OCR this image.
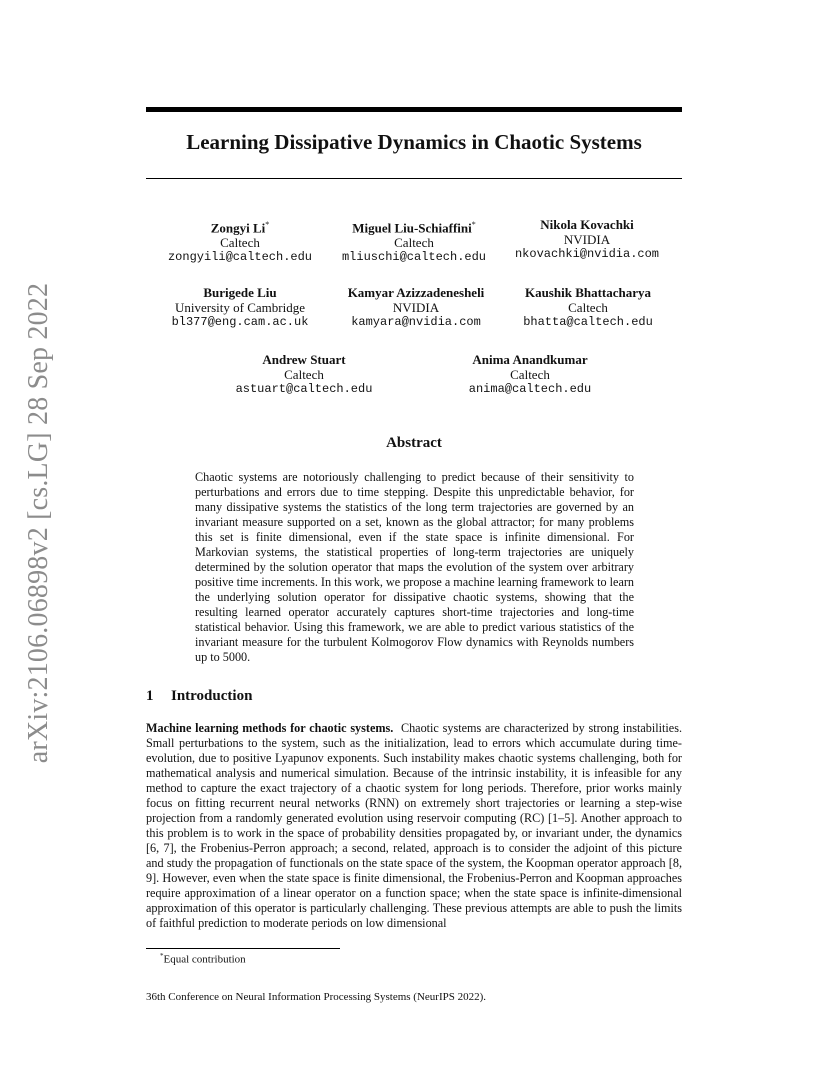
arXiv:2106.06898v2 [cs.LG] 28 Sep 2022
Learning Dissipative Dynamics in Chaotic Systems
Zongyi Li*
Caltech
zongyili@caltech.edu
Miguel Liu-Schiaffini*
Caltech
mliuschi@caltech.edu
Nikola Kovachki
NVIDIA
nkovachki@nvidia.com
Burigede Liu
University of Cambridge
bl377@eng.cam.ac.uk
Kamyar Azizzadenesheli
NVIDIA
kamyara@nvidia.com
Kaushik Bhattacharya
Caltech
bhatta@caltech.edu
Andrew Stuart
Caltech
astuart@caltech.edu
Anima Anandkumar
Caltech
anima@caltech.edu
Abstract
Chaotic systems are notoriously challenging to predict because of their sensitivity to perturbations and errors due to time stepping. Despite this unpredictable behavior, for many dissipative systems the statistics of the long term trajectories are governed by an invariant measure supported on a set, known as the global attractor; for many problems this set is finite dimensional, even if the state space is infinite dimensional. For Markovian systems, the statistical properties of long-term trajectories are uniquely determined by the solution operator that maps the evolution of the system over arbitrary positive time increments. In this work, we propose a machine learning framework to learn the underlying solution operator for dissipative chaotic systems, showing that the resulting learned operator accurately captures short-time trajectories and long-time statistical behavior. Using this framework, we are able to predict various statistics of the invariant measure for the turbulent Kolmogorov Flow dynamics with Reynolds numbers up to 5000.
1 Introduction
Machine learning methods for chaotic systems. Chaotic systems are characterized by strong instabilities. Small perturbations to the system, such as the initialization, lead to errors which accumulate during time-evolution, due to positive Lyapunov exponents. Such instability makes chaotic systems challenging, both for mathematical analysis and numerical simulation. Because of the intrinsic instability, it is infeasible for any method to capture the exact trajectory of a chaotic system for long periods. Therefore, prior works mainly focus on fitting recurrent neural networks (RNN) on extremely short trajectories or learning a step-wise projection from a randomly generated evolution using reservoir computing (RC) [1–5]. Another approach to this problem is to work in the space of probability densities propagated by, or invariant under, the dynamics [6, 7], the Frobenius-Perron approach; a second, related, approach is to consider the adjoint of this picture and study the propagation of functionals on the state space of the system, the Koopman operator approach [8, 9]. However, even when the state space is finite dimensional, the Frobenius-Perron and Koopman approaches require approximation of a linear operator on a function space; when the state space is infinite-dimensional approximation of this operator is particularly challenging. These previous attempts are able to push the limits of faithful prediction to moderate periods on low dimensional
*Equal contribution
36th Conference on Neural Information Processing Systems (NeurIPS 2022).
